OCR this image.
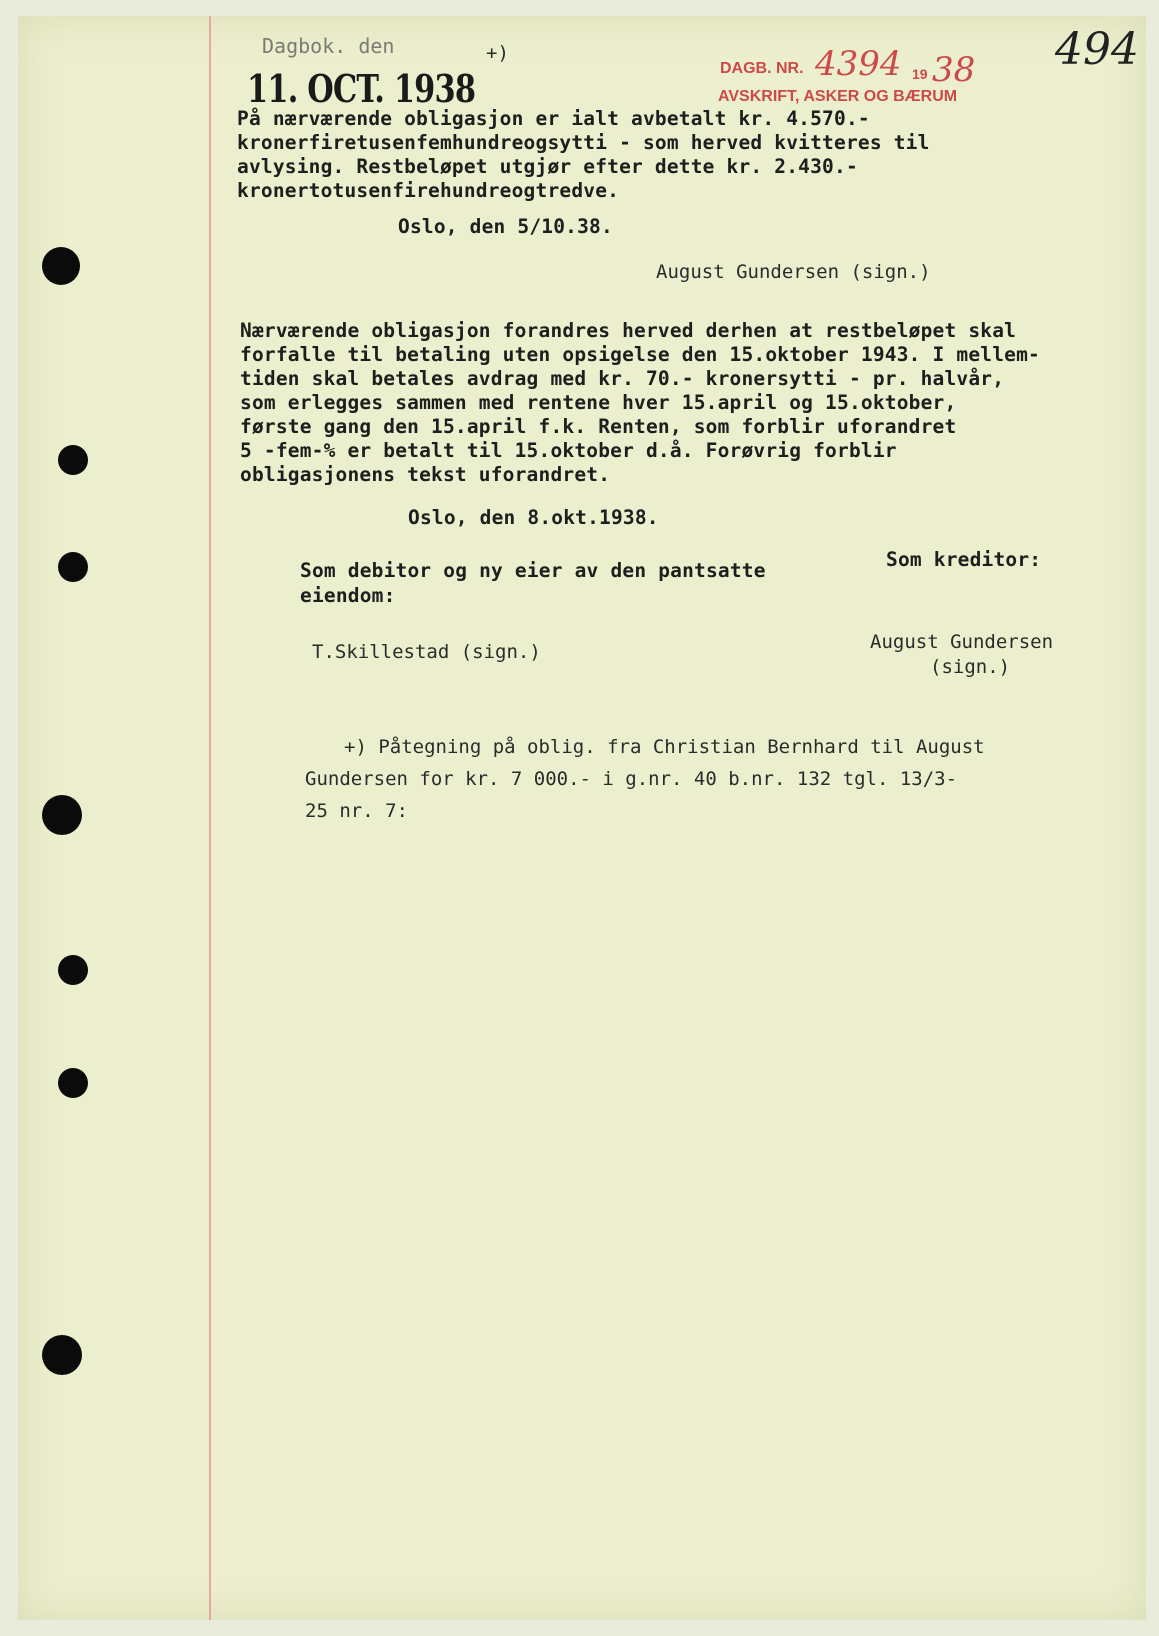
Dagbok. den	+)
11. OCT. 1938	DAGB. NR. 4394 19 38
AVSKRIFT, ASKER OG BÆRUM
494
På nærværende obligasjon er ialt avbetalt kr. 4.570.-
kronerfiretusenfemhundreogsytti - som herved kvitteres til
avlysing. Restbeløpet utgjør efter dette kr. 2.430.-
kronertotusenfirehundreogtredve.
Oslo, den 5/10.38.
August Gundersen (sign.)
Nærværende obligasjon forandres herved derhen at restbeløpet skal
forfalle til betaling uten opsigelse den 15.oktober 1943. I mellem-
tiden skal betales avdrag med kr. 70.- kronersytti - pr. halvår,
som erlegges sammen med rentene hver 15.april og 15.oktober,
første gang den 15.april f.k. Renten, som forblir uforandret
5 -fem-% er betalt til 15.oktober d.å. Forøvrig forblir
obligasjonens tekst uforandret.
Oslo, den 8.okt.1938.
Som debitor og ny eier av den pantsatte
eiendom:
Som kreditor:
T.Skillestad (sign.)	August Gundersen
(sign.)
+) Påtegning på oblig. fra Christian Bernhard til August
Gundersen for kr. 7 000.- i g.nr. 40 b.nr. 132 tgl. 13/3-
25 nr. 7:
